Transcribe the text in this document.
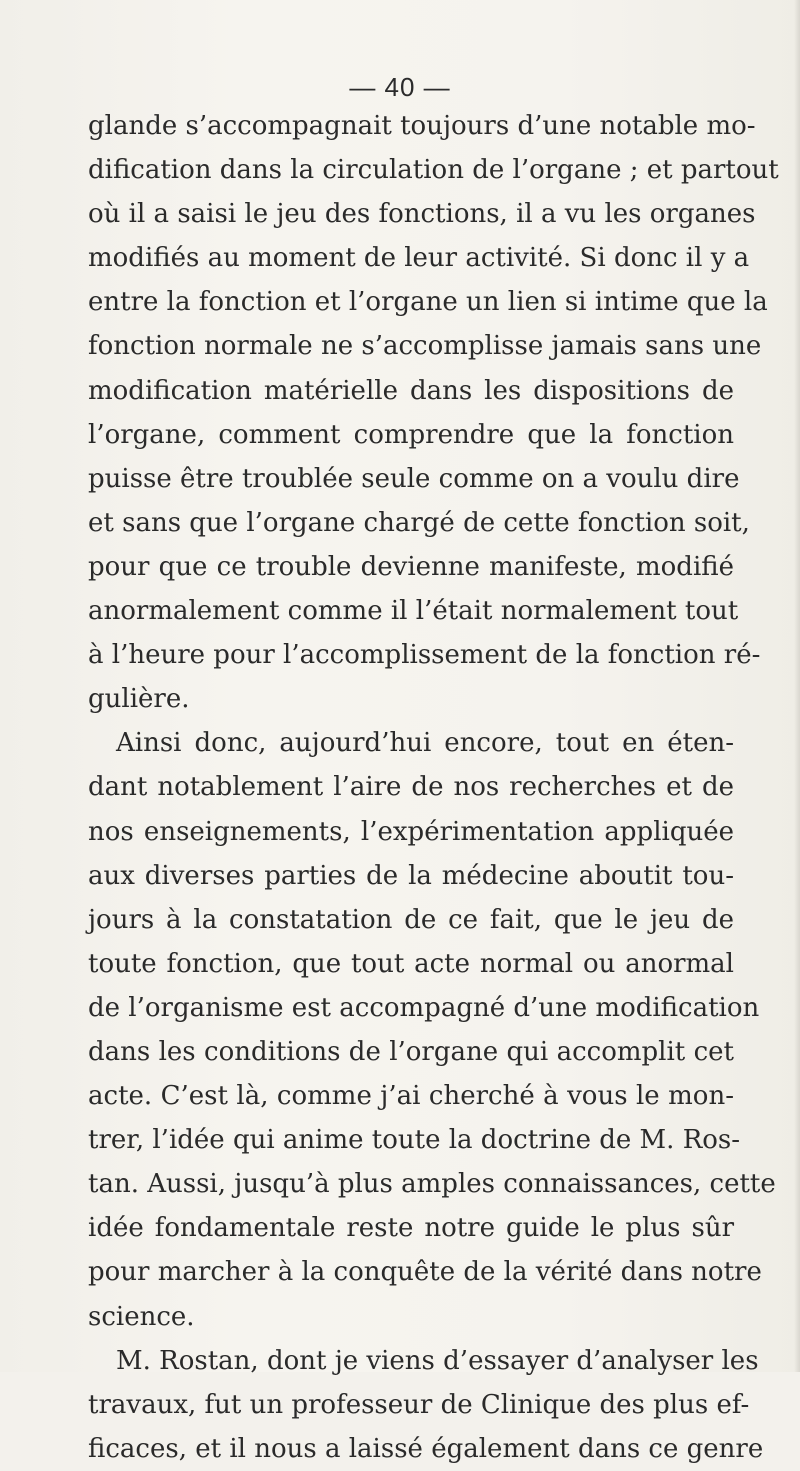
— 40 —
glande s’accompagnait toujours d’une notable mo-
dification dans la circulation de l’organe ; et partout
où il a saisi le jeu des fonctions, il a vu les organes
modifiés au moment de leur activité. Si donc il y a
entre la fonction et l’organe un lien si intime que la
fonction normale ne s’accomplisse jamais sans une
modification matérielle dans les dispositions de
l’organe, comment comprendre que la fonction
puisse être troublée seule comme on a voulu dire
et sans que l’organe chargé de cette fonction soit,
pour que ce trouble devienne manifeste, modifié
anormalement comme il l’était normalement tout
à l’heure pour l’accomplissement de la fonction ré-
gulière.
Ainsi donc, aujourd’hui encore, tout en éten-
dant notablement l’aire de nos recherches et de
nos enseignements, l’expérimentation appliquée
aux diverses parties de la médecine aboutit tou-
jours à la constatation de ce fait, que le jeu de
toute fonction, que tout acte normal ou anormal
de l’organisme est accompagné d’une modification
dans les conditions de l’organe qui accomplit cet
acte. C’est là, comme j’ai cherché à vous le mon-
trer, l’idée qui anime toute la doctrine de M. Ros-
tan. Aussi, jusqu’à plus amples connaissances, cette
idée fondamentale reste notre guide le plus sûr
pour marcher à la conquête de la vérité dans notre
science.
M. Rostan, dont je viens d’essayer d’analyser les
travaux, fut un professeur de Clinique des plus ef-
ficaces, et il nous a laissé également dans ce genre
